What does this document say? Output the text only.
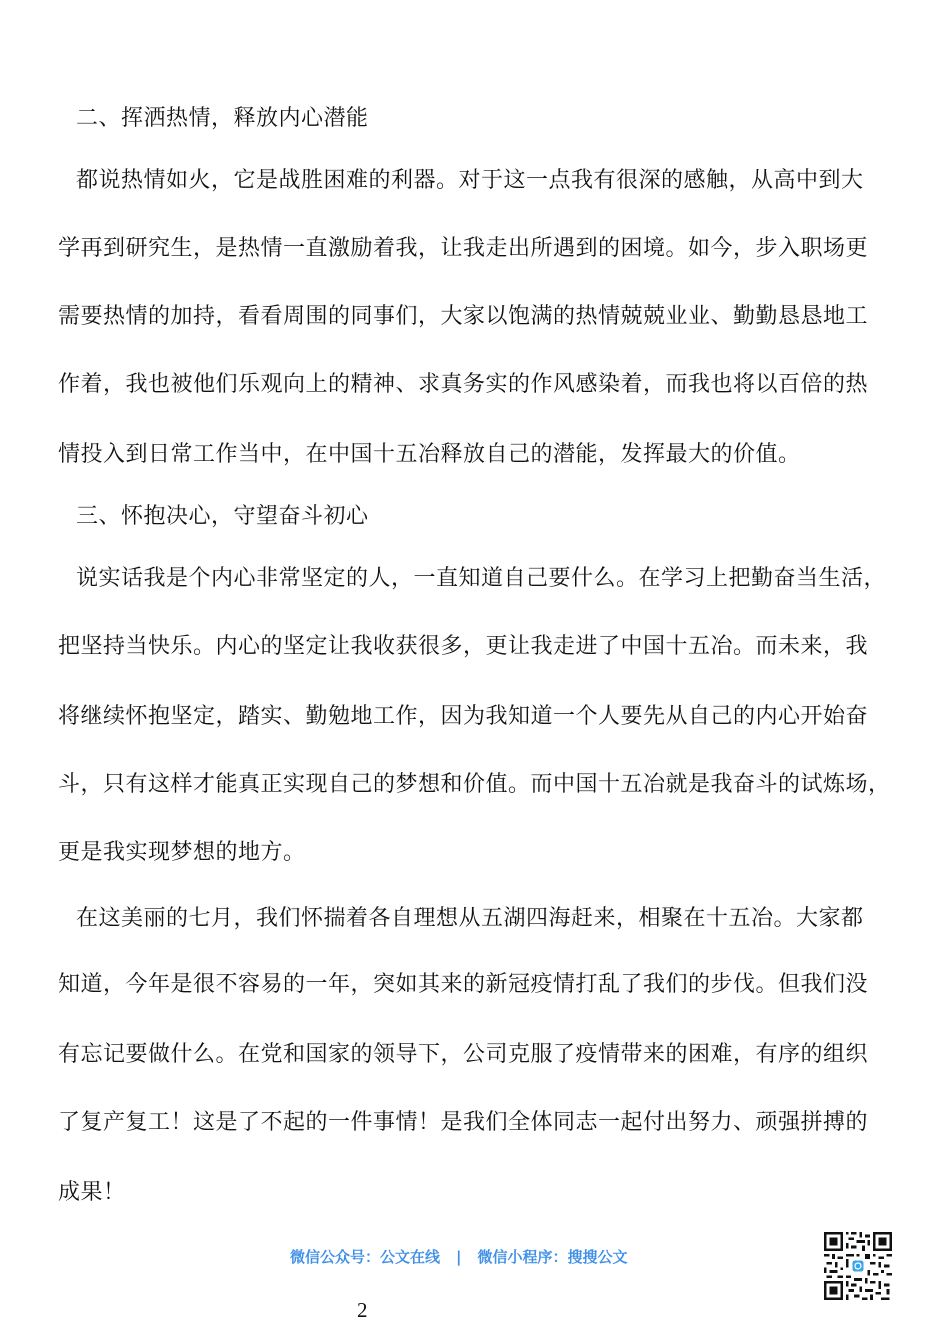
二、挥洒热情，释放内心潜能
都说热情如火，它是战胜困难的利器。对于这一点我有很深的感触，从高中到大
学再到研究生，是热情一直激励着我，让我走出所遇到的困境。如今，步入职场更
需要热情的加持，看看周围的同事们，大家以饱满的热情兢兢业业、勤勤恳恳地工
作着，我也被他们乐观向上的精神、求真务实的作风感染着，而我也将以百倍的热
情投入到日常工作当中，在中国十五冶释放自己的潜能，发挥最大的价值。
三、怀抱决心，守望奋斗初心
说实话我是个内心非常坚定的人，一直知道自己要什么。在学习上把勤奋当生活，
把坚持当快乐。内心的坚定让我收获很多，更让我走进了中国十五冶。而未来，我
将继续怀抱坚定，踏实、勤勉地工作，因为我知道一个人要先从自己的内心开始奋
斗，只有这样才能真正实现自己的梦想和价值。而中国十五冶就是我奋斗的试炼场，
更是我实现梦想的地方。
在这美丽的七月，我们怀揣着各自理想从五湖四海赶来，相聚在十五冶。大家都
知道，今年是很不容易的一年，突如其来的新冠疫情打乱了我们的步伐。但我们没
有忘记要做什么。在党和国家的领导下，公司克服了疫情带来的困难，有序的组织
了复产复工！这是了不起的一件事情！是我们全体同志一起付出努力、顽强拼搏的
成果！
微信公众号：公文在线 | 微信小程序：搜搜公文
2
